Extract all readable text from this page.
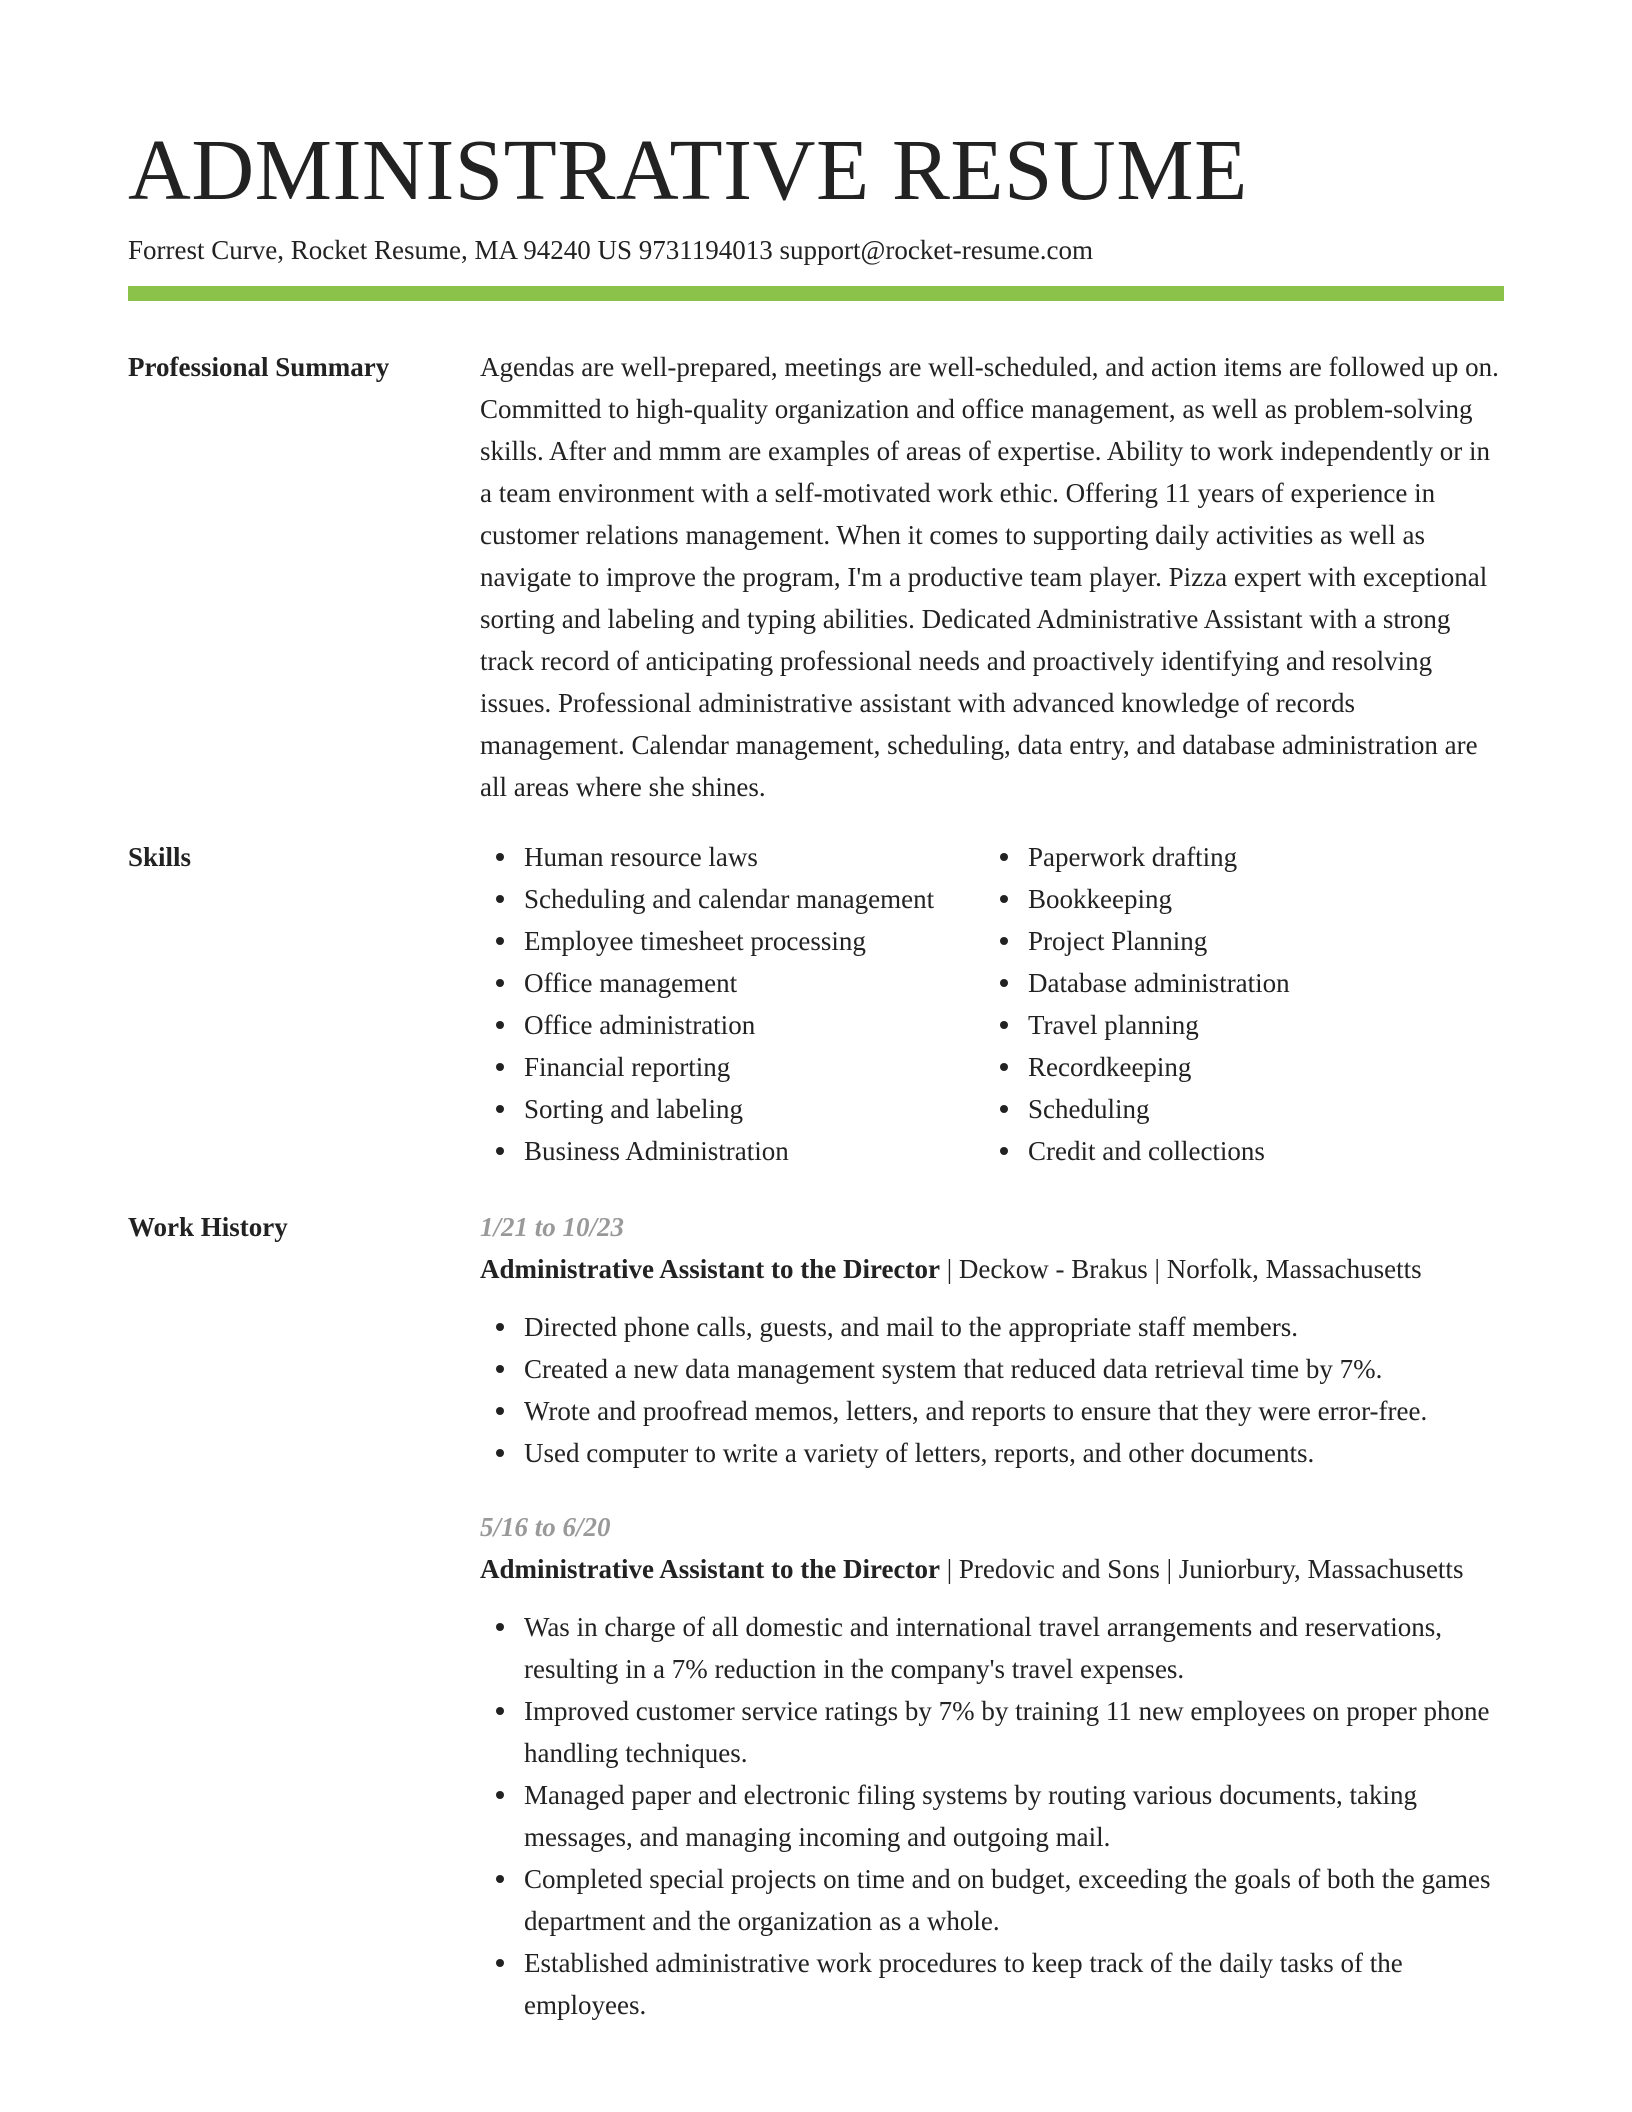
ADMINISTRATIVE RESUME
Forrest Curve, Rocket Resume, MA 94240 US 9731194013 support@rocket-resume.com
Professional Summary	Agendas are well-prepared, meetings are well-scheduled, and action items are followed up on. Committed to high-quality organization and office management, as well as problem-solving skills. After and mmm are examples of areas of expertise. Ability to work independently or in a team environment with a self-motivated work ethic. Offering 11 years of experience in customer relations management. When it comes to supporting daily activities as well as navigate to improve the program, I'm a productive team player. Pizza expert with exceptional sorting and labeling and typing abilities. Dedicated Administrative Assistant with a strong track record of anticipating professional needs and proactively identifying and resolving issues. Professional administrative assistant with advanced knowledge of records management. Calendar management, scheduling, data entry, and database administration are all areas where she shines.
Skills	Human resource laws
Scheduling and calendar management
Employee timesheet processing
Office management
Office administration
Financial reporting
Sorting and labeling
Business Administration
Paperwork drafting
Bookkeeping
Project Planning
Database administration
Travel planning
Recordkeeping
Scheduling
Credit and collections
Work History	1/21 to 10/23
Administrative Assistant to the Director | Deckow - Brakus | Norfolk, Massachusetts
Directed phone calls, guests, and mail to the appropriate staff members.
Created a new data management system that reduced data retrieval time by 7%.
Wrote and proofread memos, letters, and reports to ensure that they were error-free.
Used computer to write a variety of letters, reports, and other documents.
5/16 to 6/20
Administrative Assistant to the Director | Predovic and Sons | Juniorbury, Massachusetts
Was in charge of all domestic and international travel arrangements and reservations, resulting in a 7% reduction in the company's travel expenses.
Improved customer service ratings by 7% by training 11 new employees on proper phone handling techniques.
Managed paper and electronic filing systems by routing various documents, taking messages, and managing incoming and outgoing mail.
Completed special projects on time and on budget, exceeding the goals of both the games department and the organization as a whole.
Established administrative work procedures to keep track of the daily tasks of the employees.
